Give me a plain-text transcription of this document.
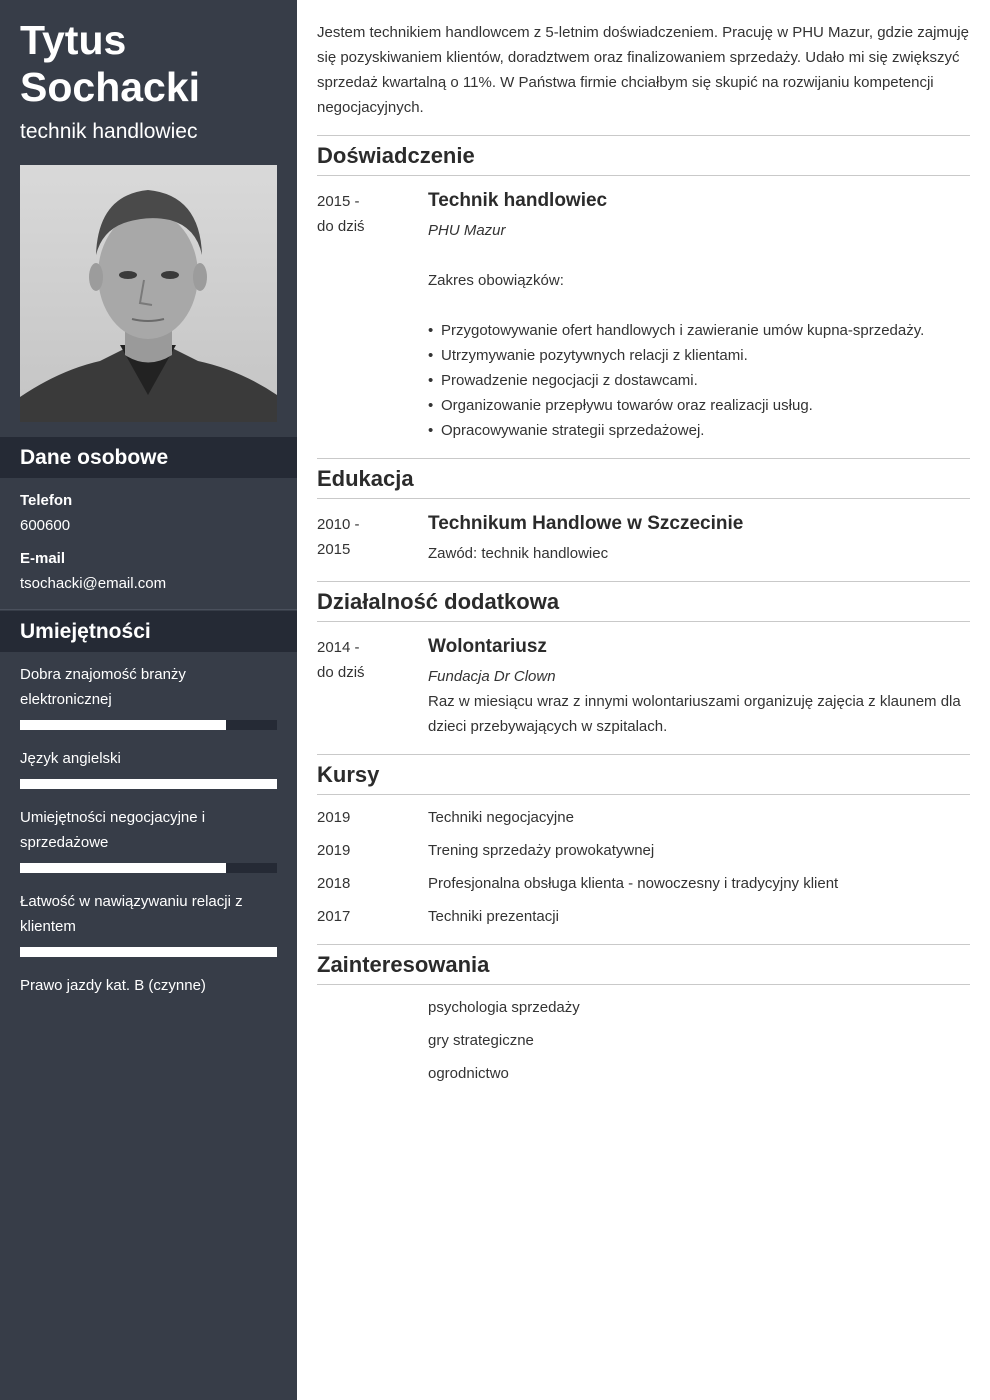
Tytus
Sochacki
technik handlowiec
Dane osobowe
Telefon
600600
E-mail
tsochacki@email.com
Umiejętności
Dobra znajomość branży elektronicznej
Język angielski
Umiejętności negocjacyjne i sprzedażowe
Łatwość w nawiązywaniu relacji z klientem
Prawo jazdy kat. B (czynne)

Jestem technikiem handlowcem z 5-letnim doświadczeniem. Pracuję w PHU Mazur, gdzie zajmuję się pozyskiwaniem klientów, doradztwem oraz finalizowaniem sprzedaży. Udało mi się zwiększyć sprzedaż kwartalną o 11%. W Państwa firmie chciałbym się skupić na rozwijaniu kompetencji negocjacyjnych.

Doświadczenie
2015 -
do dziś
Technik handlowiec
PHU Mazur
Zakres obowiązków:
• Przygotowywanie ofert handlowych i zawieranie umów kupna-sprzedaży.
• Utrzymywanie pozytywnych relacji z klientami.
• Prowadzenie negocjacji z dostawcami.
• Organizowanie przepływu towarów oraz realizacji usług.
• Opracowywanie strategii sprzedażowej.
Edukacja
2010 -
2015
Technikum Handlowe w Szczecinie
Zawód: technik handlowiec
Działalność dodatkowa
2014 -
do dziś
Wolontariusz
Fundacja Dr Clown
Raz w miesiącu wraz z innymi wolontariuszami organizuję zajęcia z klaunem dla dzieci przebywających w szpitalach.
Kursy
2019	Techniki negocjacyjne
2019	Trening sprzedaży prowokatywnej
2018	Profesjonalna obsługa klienta - nowoczesny i tradycyjny klient
2017	Techniki prezentacji
Zainteresowania
psychologia sprzedaży
gry strategiczne
ogrodnictwo
